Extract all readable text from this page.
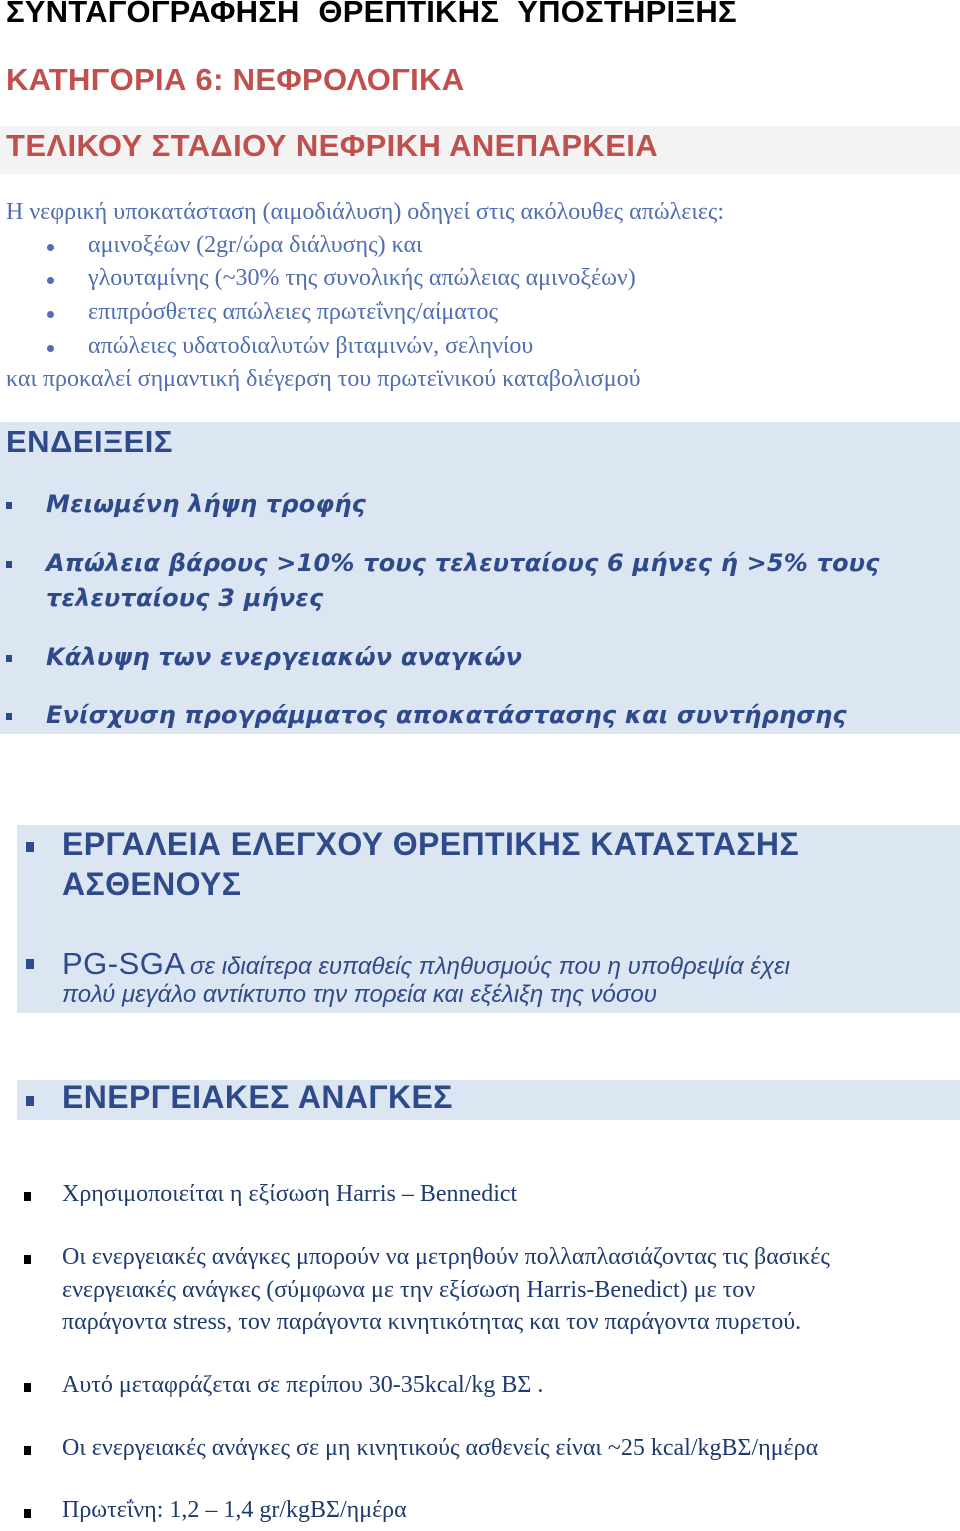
ΣΥΝΤΑΓΟΓΡΑΦΗΣΗ ΘΡΕΠΤΙΚΗΣ ΥΠΟΣΤΗΡΙΞΗΣ
ΚΑΤΗΓΟΡΙΑ 6: ΝΕΦΡΟΛΟΓΙΚΑ
ΤΕΛΙΚΟΥ ΣΤΑΔΙΟΥ ΝΕΦΡΙΚΗ ΑΝΕΠΑΡΚΕΙΑ
Η νεφρική υποκατάσταση (αιμοδιάλυση) οδηγεί στις ακόλουθες απώλειες:
αμινοξέων (2gr/ώρα διάλυσης) και
γλουταμίνης (~30% της συνολικής απώλειας αμινοξέων)
επιπρόσθετες απώλειες πρωτεΐνης/αίματος
απώλειες υδατοδιαλυτών βιταμινών, σεληνίου
και προκαλεί σημαντική διέγερση του πρωτεϊνικού καταβολισμού
ΕΝΔΕΙΞΕΙΣ
Μειωμένη λήψη τροφής
Απώλεια βάρους >10% τους τελευταίους 6 μήνες ή >5% τους
τελευταίους 3 μήνες
Κάλυψη των ενεργειακών αναγκών
Ενίσχυση προγράμματος αποκατάστασης και συντήρησης
ΕΡΓΑΛΕΙΑ ΕΛΕΓΧΟΥ ΘΡΕΠΤΙΚΗΣ ΚΑΤΑΣΤΑΣΗΣ
ΑΣΘΕΝΟΥΣ
PG-SGA σε ιδιαίτερα ευπαθείς πληθυσμούς που η υποθρεψία έχει
πολύ μεγάλο αντίκτυπο την πορεία και εξέλιξη της νόσου
ΕΝΕΡΓΕΙΑΚΕΣ ΑΝΑΓΚΕΣ
Χρησιμοποιείται η εξίσωση Harris – Bennedict
Οι ενεργειακές ανάγκες μπορούν να μετρηθούν πολλαπλασιάζοντας τις βασικές
ενεργειακές ανάγκες (σύμφωνα με την εξίσωση Harris-Benedict) με τον
παράγοντα stress, τον παράγοντα κινητικότητας και τον παράγοντα πυρετού.
Αυτό μεταφράζεται σε περίπου 30-35kcal/kg ΒΣ .
Οι ενεργειακές ανάγκες σε μη κινητικούς ασθενείς είναι ~25 kcal/kgΒΣ/ημέρα
Πρωτεΐνη: 1,2 – 1,4 gr/kgΒΣ/ημέρα
